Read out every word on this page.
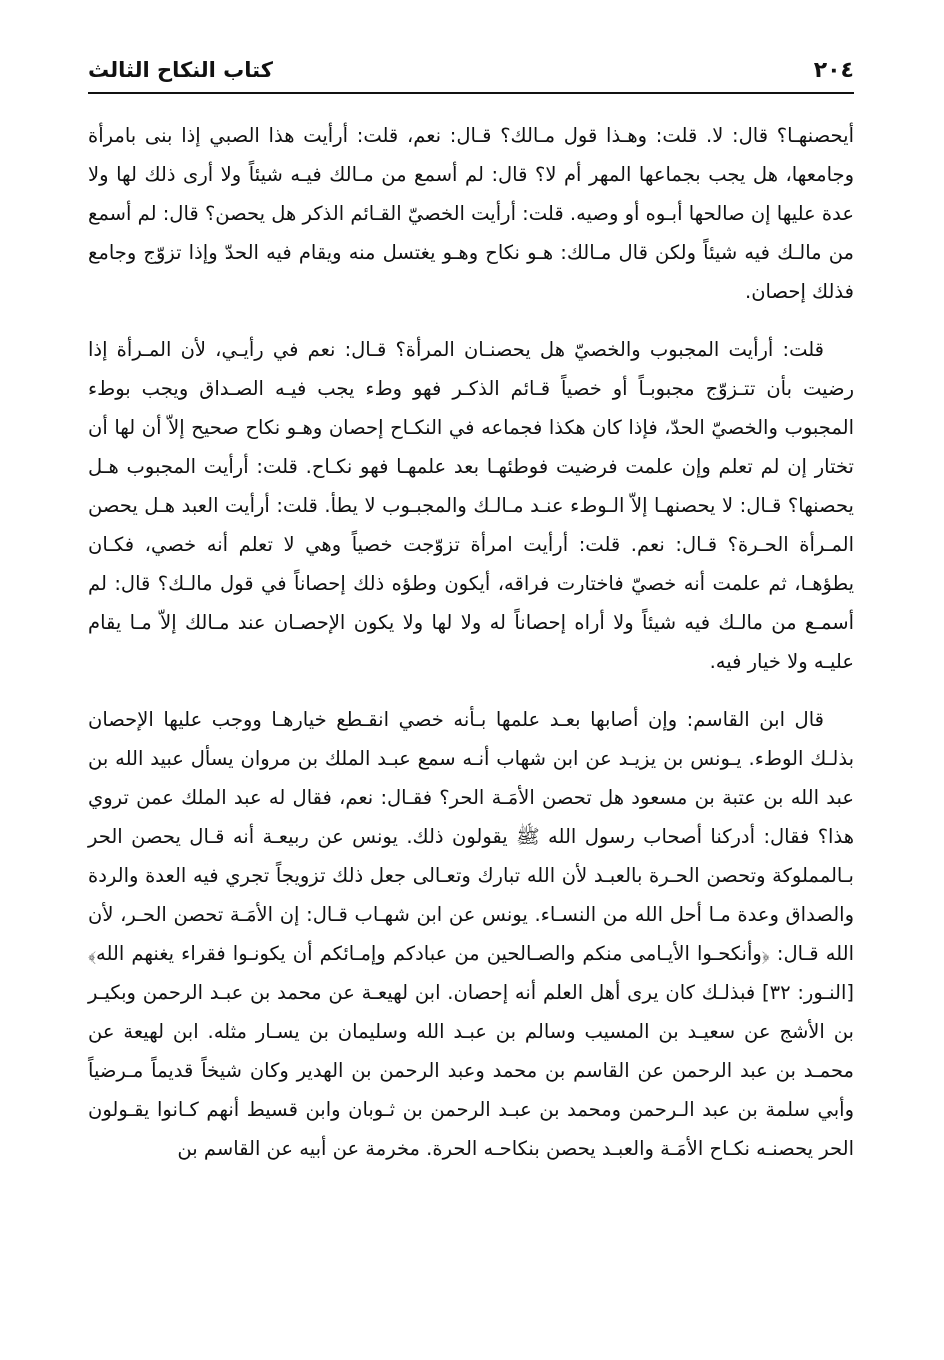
٢٠٤
كتاب النكاح الثالث

أيحصنهـا؟ قال: لا. قلت: وهـذا قول مـالك؟ قـال: نعم، قلت: أرأيت هذا الصبي إذا بنى بامرأة وجامعها، هل يجب بجماعها المهر أم لا؟ قال: لم أسمع من مـالك فيـه شيئاً ولا أرى ذلك لها ولا عدة عليها إن صالحها أبـوه أو وصيه. قلت: أرأيت الخصيّ القـائم الذكر هل يحصن؟ قال: لم أسمع من مالـك فيه شيئاً ولكن قال مـالك: هـو نكاح وهـو يغتسل منه ويقام فيه الحدّ وإذا تزوّج وجامع فذلك إحصان.

قلت: أرأيت المجبوب والخصيّ هل يحصنـان المرأة؟ قـال: نعم في رأيـي، لأن المـرأة إذا رضيت بأن تتـزوّج مجبوبـاً أو خصياً قـائم الذكـر فهو وطء يجب فيـه الصـداق ويجب بوطء المجبوب والخصيّ الحدّ، فإذا كان هكذا فجماعه في النكـاح إحصان وهـو نكاح صحيح إلاّ أن لها أن تختار إن لم تعلم وإن علمت فرضيت فوطئهـا بعد علمهـا فهو نكـاح. قلت: أرأيت المجبوب هـل يحصنها؟ قـال: لا يحصنهـا إلاّ الـوطء عنـد مـالـك والمجبـوب لا يطأ. قلت: أرأيت العبد هـل يحصن المـرأة الحـرة؟ قـال: نعم. قلت: أرأيت امرأة تزوّجت خصياً وهي لا تعلم أنه خصي، فكـان يطؤهـا، ثم علمت أنه خصيّ فاختارت فراقه، أيكون وطؤه ذلك إحصاناً في قول مالـك؟ قال: لم أسمـع من مالـك فيه شيئاً ولا أراه إحصاناً له ولا لها ولا يكون الإحصـان عند مـالك إلاّ مـا يقام عليـه ولا خيار فيه.

قال ابن القاسم: وإن أصابها بعـد علمها بـأنه خصي انقـطع خيارهـا ووجب عليها الإحصان بذلـك الوطء. يـونس بن يزيـد عن ابن شهاب أنـه سمع عبـد الملك بن مروان يسأل عبيد الله بن عبد الله بن عتبة بن مسعود هل تحصن الأمَـة الحر؟ فقـال: نعم، فقال له عبد الملك عمن تروي هذا؟ فقال: أدركنا أصحاب رسول الله ﷺ يقولون ذلك. يونس عن ربيعـة أنه قـال يحصن الحر بـالمملوكة وتحصن الحـرة بالعبـد لأن الله تبارك وتعـالى جعل ذلك تزويجاً تجري فيه العدة والردة والصداق وعدة مـا أحل الله من النسـاء. يونس عن ابن شهـاب قـال: إن الأمَـة تحصن الحـر، لأن الله قـال: ﴿وأنكحـوا الأيـامى منكم والصـالحين من عبادكم وإمـائكم أن يكونـوا فقراء يغنهم الله﴾ [النـور: ٣٢] فبذلـك كان يرى أهل العلم أنه إحصان. ابن لهيعـة عن محمد بن عبـد الرحمن وبكيـر بن الأشج عن سعيـد بن المسيب وسالم بن عبـد الله وسليمان بن يسـار مثله. ابن لهيعة عن محمـد بن عبد الرحمن عن القاسم بن محمد وعبد الرحمن بن الهدير وكان شيخاً قديماً مـرضياً وأبي سلمة بن عبد الـرحمن ومحمد بن عبـد الرحمن بن ثـوبان وابن قسيط أنهم كـانوا يقـولون الحر يحصنـه نكـاح الأمَـة والعبـد يحصن بنكاحـه الحرة. مخرمة عن أبيه عن القاسم بن
